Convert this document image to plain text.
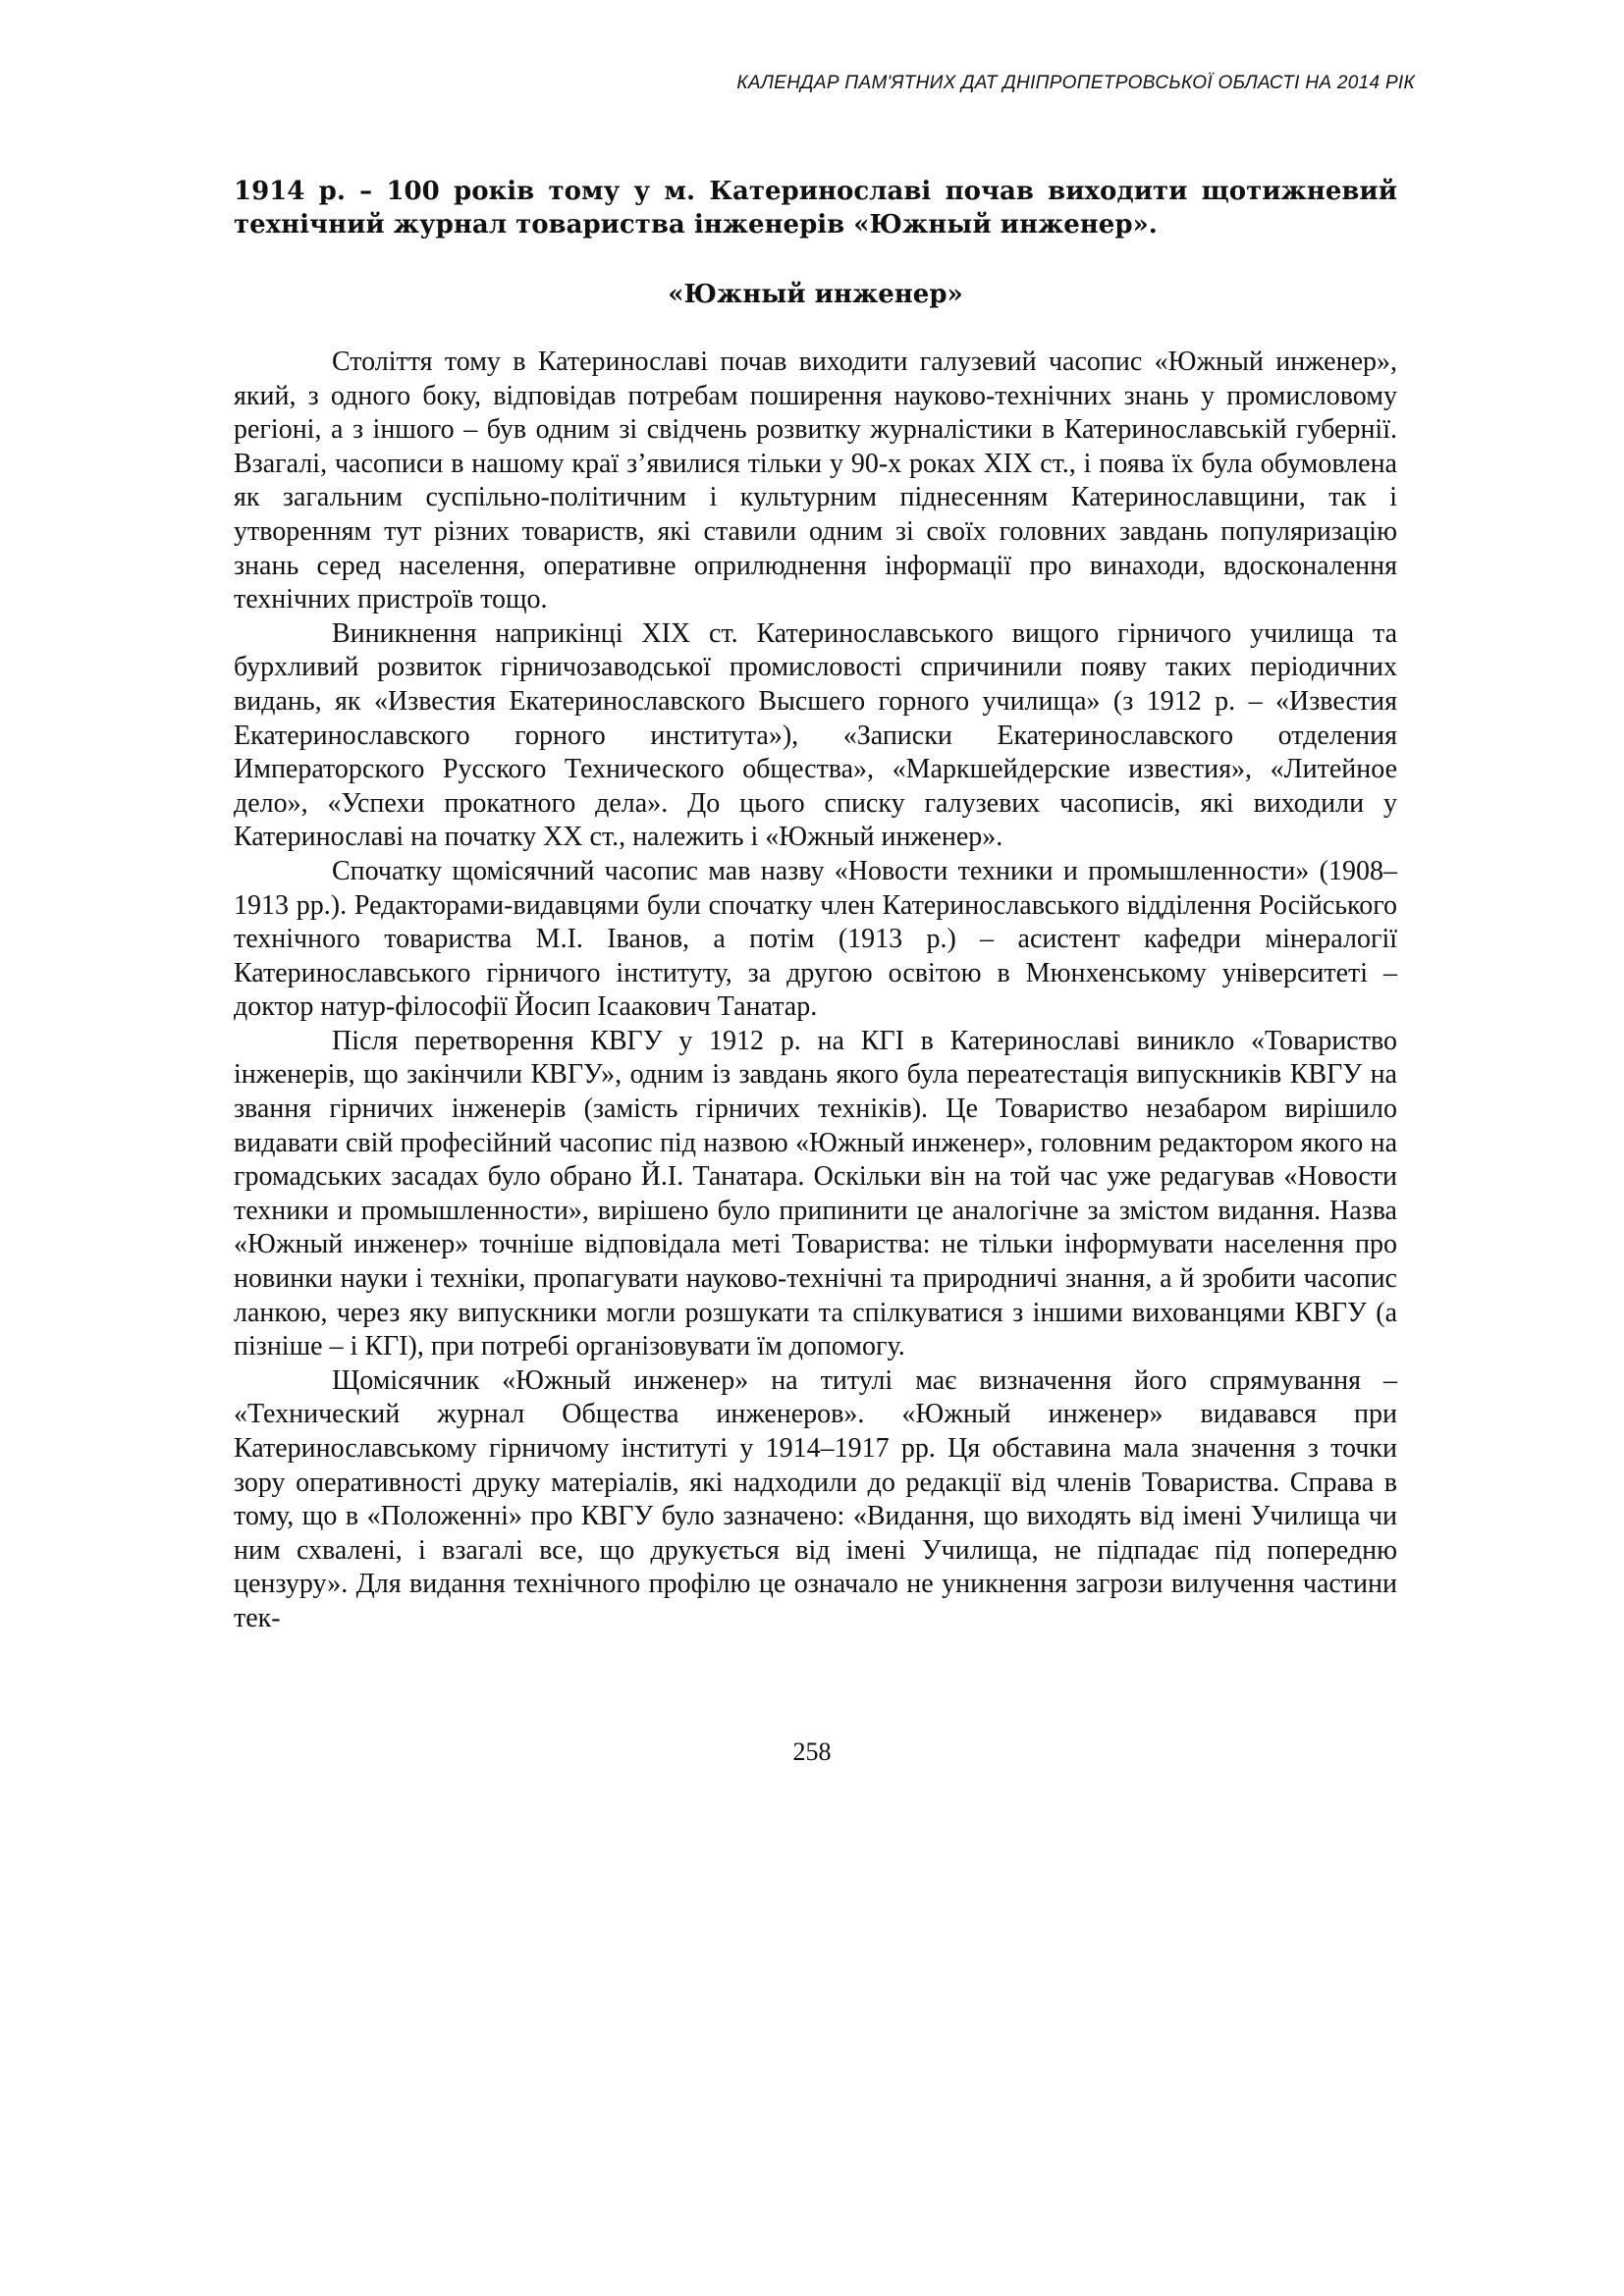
КАЛЕНДАР ПАМ'ЯТНИХ ДАТ ДНІПРОПЕТРОВСЬКОЇ ОБЛАСТІ НА 2014 РІК
1914 р. – 100 років тому у м. Катеринославі почав виходити щотижневий технічний журнал товариства інженерів «Южный инженер».
«Южный инженер»

Століття тому в Катеринославі почав виходити галузевий часопис «Южный инженер», який, з одного боку, відповідав потребам поширення науково-технічних знань у промисловому регіоні, а з іншого – був одним зі свідчень розвитку журналістики в Катеринославській губернії. Взагалі, часописи в нашому краї з’явилися тільки у 90-х роках XIX ст., і поява їх була обумовлена як загальним суспільно-політичним і культурним піднесенням Катеринославщини, так і утворенням тут різних товариств, які ставили одним зі своїх головних завдань популяризацію знань серед населення, оперативне оприлюднення інформації про винаходи, вдосконалення технічних пристроїв тощо.

Виникнення наприкінці XIX ст. Катеринославського вищого гірничого училища та бурхливий розвиток гірничозаводської промисловості спричинили появу таких періодичних видань, як «Известия Екатеринославского Высшего горного училища» (з 1912 р. – «Известия Екатеринославского горного института»), «Записки Екатеринославского отделения Императорского Русского Технического общества», «Маркшейдерские известия», «Литейное дело», «Успехи прокатного дела». До цього списку галузевих часописів, які виходили у Катеринославі на початку XX ст., належить і «Южный инженер».

Спочатку щомісячний часопис мав назву «Новости техники и промышленности» (1908–1913 рр.). Редакторами-видавцями були спочатку член Катеринославського відділення Російського технічного товариства М.І. Іванов, а потім (1913 р.) – асистент кафедри мінералогії Катеринославського гірничого інституту, за другою освітою в Мюнхенському університеті – доктор натур-філософії Йосип Ісаакович Танатар.

Після перетворення КВГУ у 1912 р. на КГІ в Катеринославі виникло «Товариство інженерів, що закінчили КВГУ», одним із завдань якого була переатестація випускників КВГУ на звання гірничих інженерів (замість гірничих техніків). Це Товариство незабаром вирішило видавати свій професійний часопис під назвою «Южный инженер», головним редактором якого на громадських засадах було обрано Й.І. Танатара. Оскільки він на той час уже редагував «Новости техники и промышленности», вирішено було припинити це аналогічне за змістом видання. Назва «Южный инженер» точніше відповідала меті Товариства: не тільки інформувати населення про новинки науки і техніки, пропагувати науково-технічні та природничі знання, а й зробити часопис ланкою, через яку випускники могли розшукати та спілкуватися з іншими вихованцями КВГУ (а пізніше – і КГІ), при потребі організовувати їм допомогу.

Щомісячник «Южный инженер» на титулі має визначення його спрямування – «Технический журнал Общества инженеров». «Южный инженер» видавався при Катеринославському гірничому інституті у 1914–1917 рр. Ця обставина мала значення з точки зору оперативності друку матеріалів, які надходили до редакції від членів Товариства. Справа в тому, що в «Положенні» про КВГУ було зазначено: «Видання, що виходять від імені Училища чи ним схвалені, і взагалі все, що друкується від імені Училища, не підпадає під попередню цензуру». Для видання технічного профілю це означало не уникнення загрози вилучення частини тек-

258
